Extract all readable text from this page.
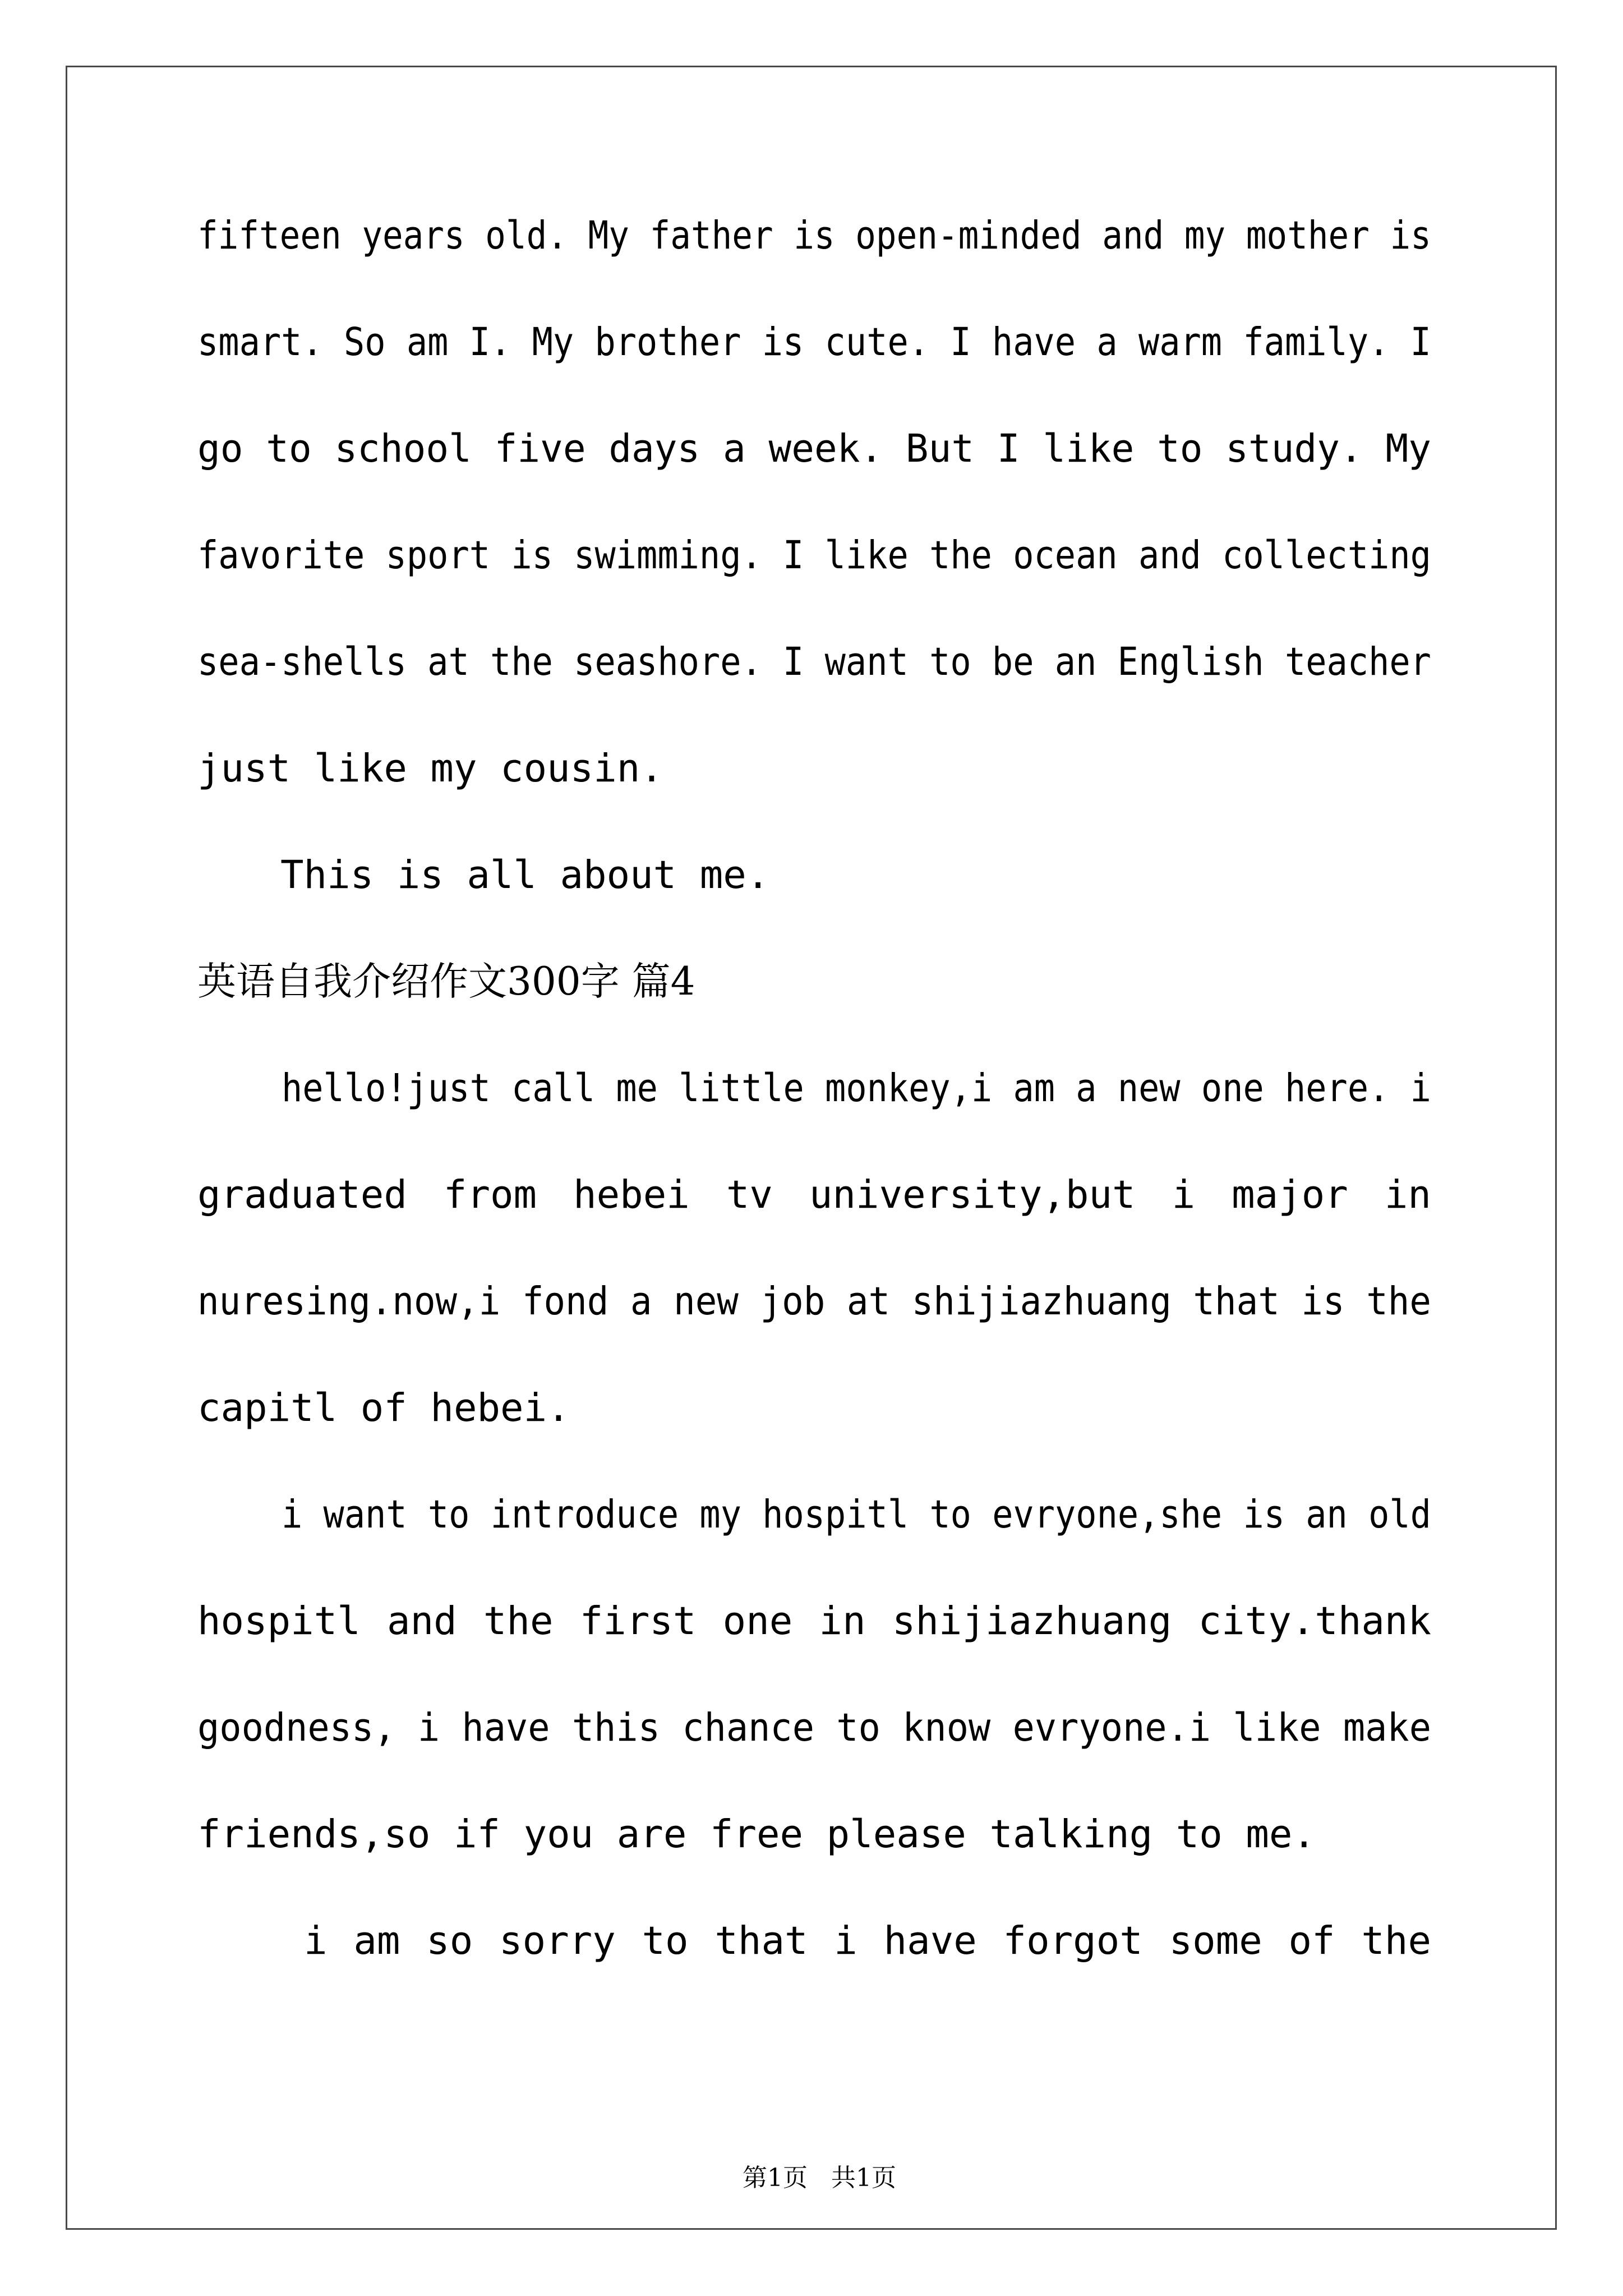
fifteen years old. My father is open-minded and my mother is
smart. So am I. My brother is cute. I have a warm family. I
go to school five days a week. But I like to study. My
favorite sport is swimming. I like the ocean and collecting
sea-shells at the seashore. I want to be an English teacher
just like my cousin.
This is all about me.
英语自我介绍作文300字 篇4
hello!just call me little monkey,i am a new one here. i
graduated from hebei tv university,but i major in
nuresing.now,i fond a new job at shijiazhuang that is the
capitl of hebei.
i want to introduce my hospitl to evryone,she is an old
hospitl and the first one in shijiazhuang city.thank
goodness, i have this chance to know evryone.i like make
friends,so if you are free please talking to me.
i am so sorry to that i have forgot some of the

第1页   共1页
